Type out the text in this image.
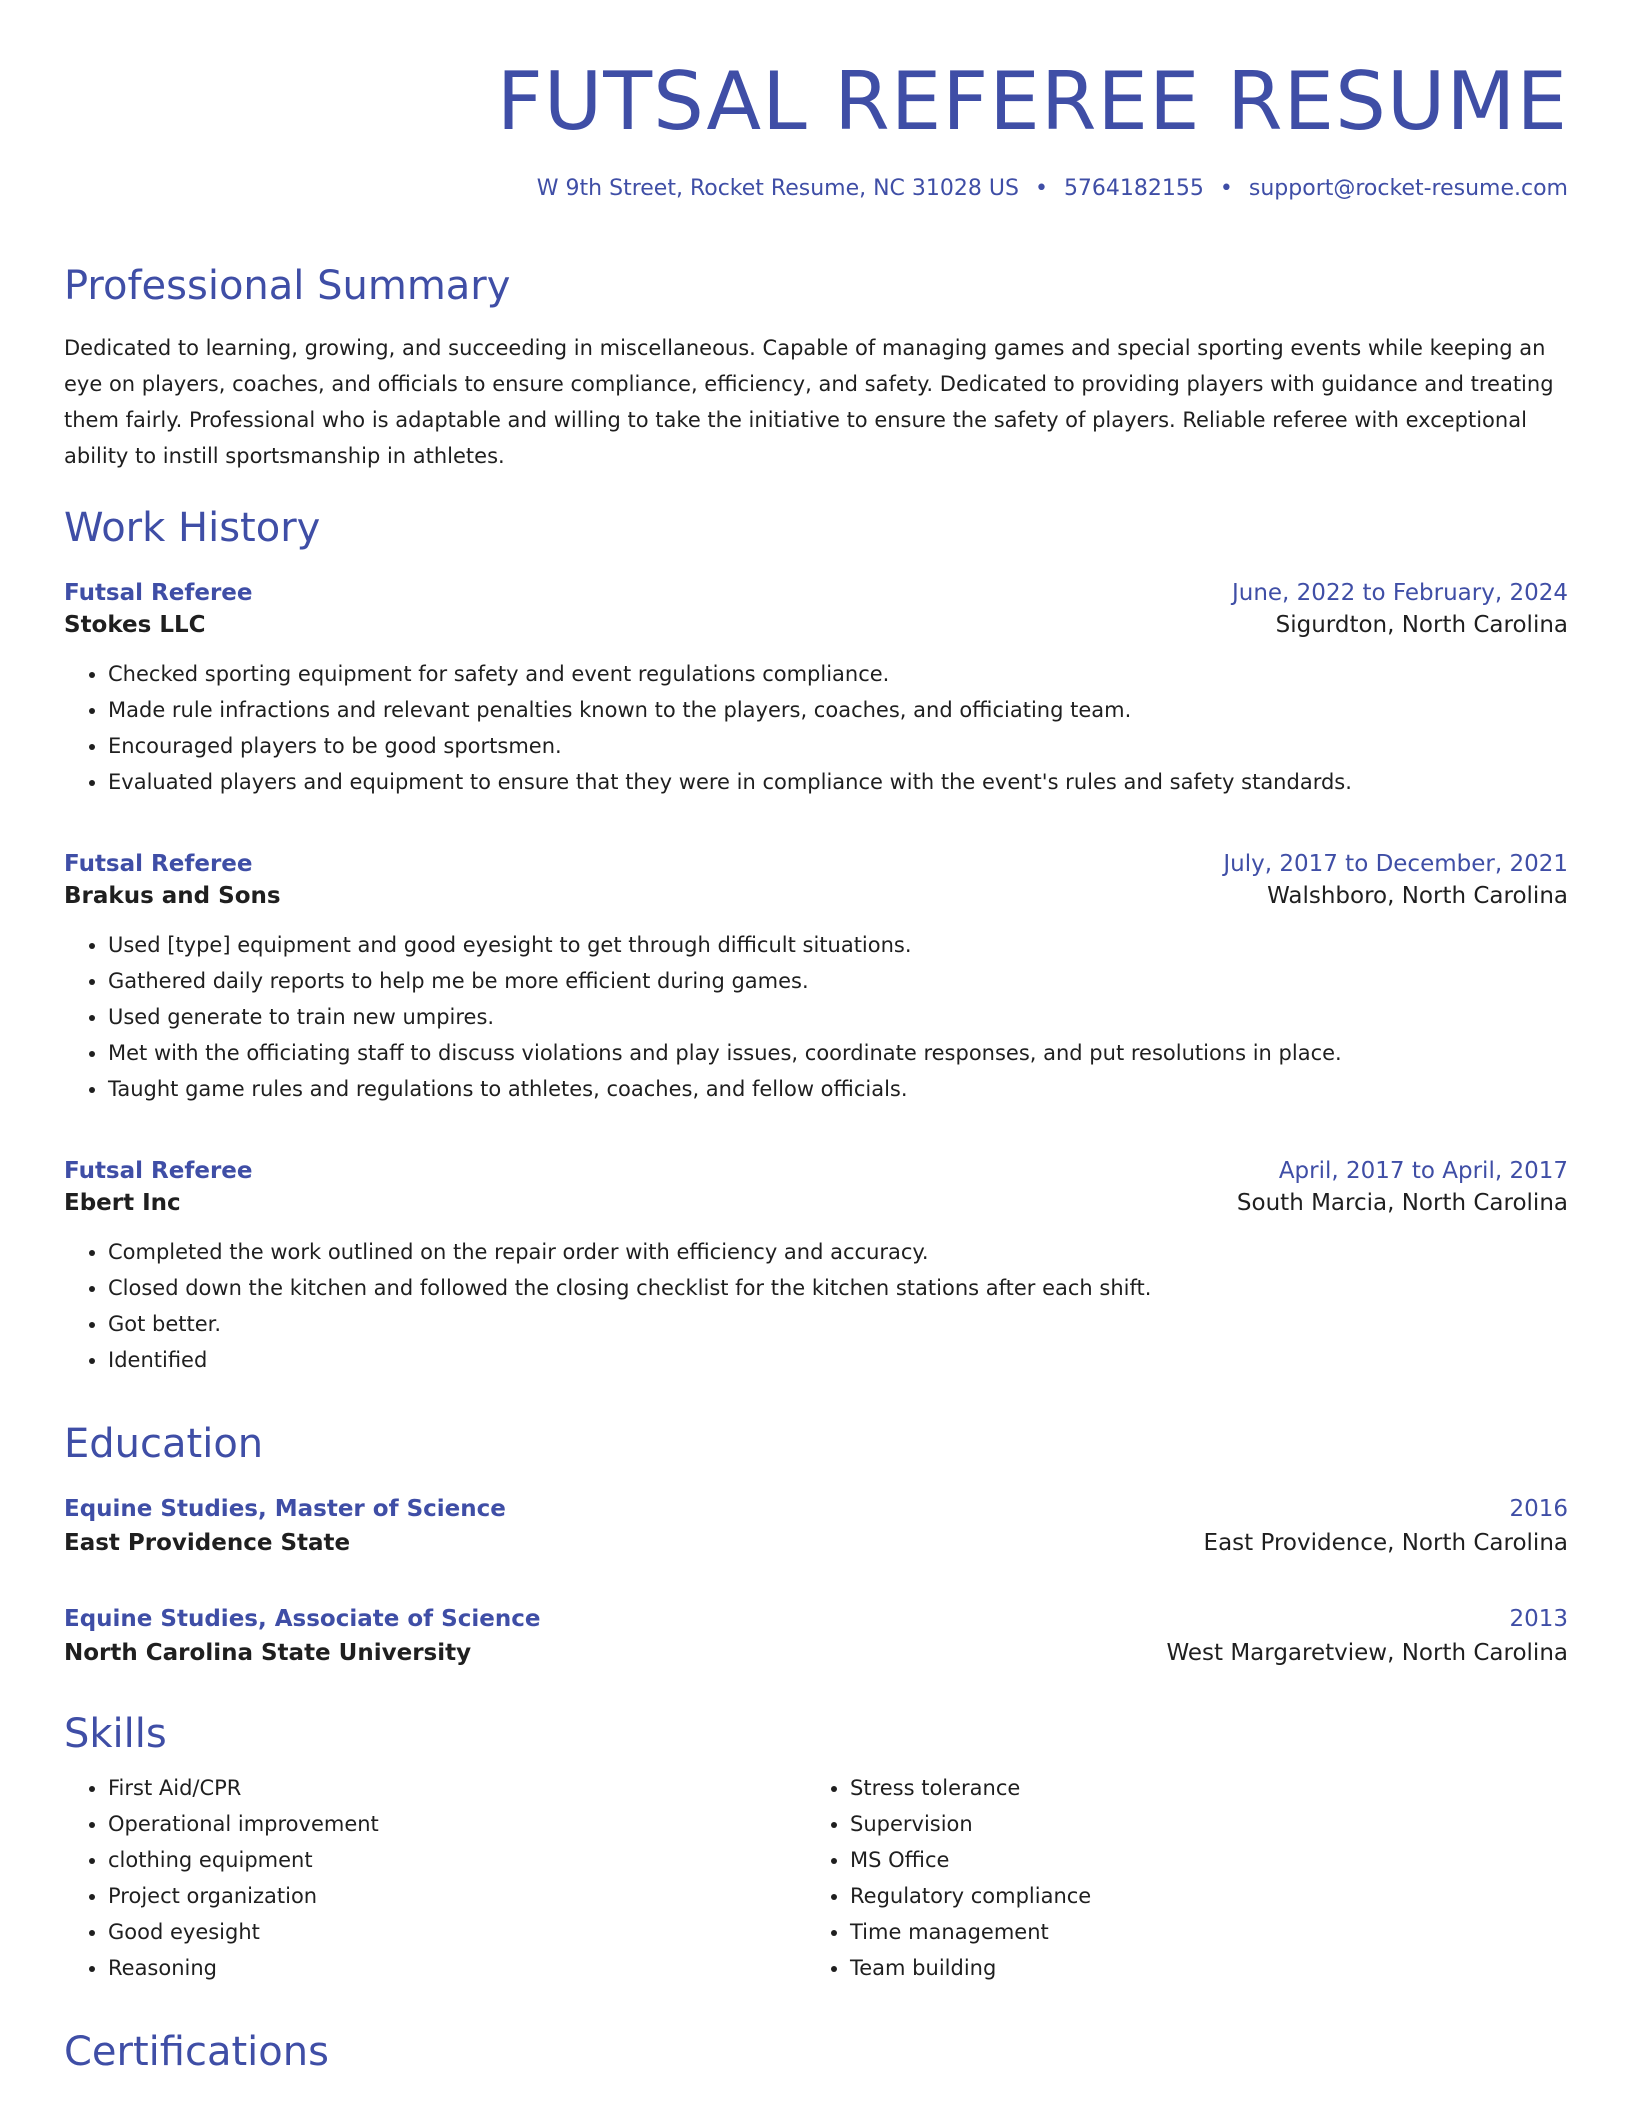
FUTSAL REFEREE RESUME
W 9th Street, Rocket Resume, NC 31028 US • 5764182155 • support@rocket-resume.com
Professional Summary
Dedicated to learning, growing, and succeeding in miscellaneous. Capable of managing games and special sporting events while keeping an eye on players, coaches, and officials to ensure compliance, efficiency, and safety. Dedicated to providing players with guidance and treating them fairly. Professional who is adaptable and willing to take the initiative to ensure the safety of players. Reliable referee with exceptional ability to instill sportsmanship in athletes.
Work History
Futsal Referee	June, 2022 to February, 2024
Stokes LLC	Sigurdton, North Carolina
• Checked sporting equipment for safety and event regulations compliance.
• Made rule infractions and relevant penalties known to the players, coaches, and officiating team.
• Encouraged players to be good sportsmen.
• Evaluated players and equipment to ensure that they were in compliance with the event's rules and safety standards.
Futsal Referee	July, 2017 to December, 2021
Brakus and Sons	Walshboro, North Carolina
• Used [type] equipment and good eyesight to get through difficult situations.
• Gathered daily reports to help me be more efficient during games.
• Used generate to train new umpires.
• Met with the officiating staff to discuss violations and play issues, coordinate responses, and put resolutions in place.
• Taught game rules and regulations to athletes, coaches, and fellow officials.
Futsal Referee	April, 2017 to April, 2017
Ebert Inc	South Marcia, North Carolina
• Completed the work outlined on the repair order with efficiency and accuracy.
• Closed down the kitchen and followed the closing checklist for the kitchen stations after each shift.
• Got better.
• Identified
Education
Equine Studies, Master of Science	2016
East Providence State	East Providence, North Carolina
Equine Studies, Associate of Science	2013
North Carolina State University	West Margaretview, North Carolina
Skills
• First Aid/CPR
• Operational improvement
• clothing equipment
• Project organization
• Good eyesight
• Reasoning
• Stress tolerance
• Supervision
• MS Office
• Regulatory compliance
• Time management
• Team building
Certifications
